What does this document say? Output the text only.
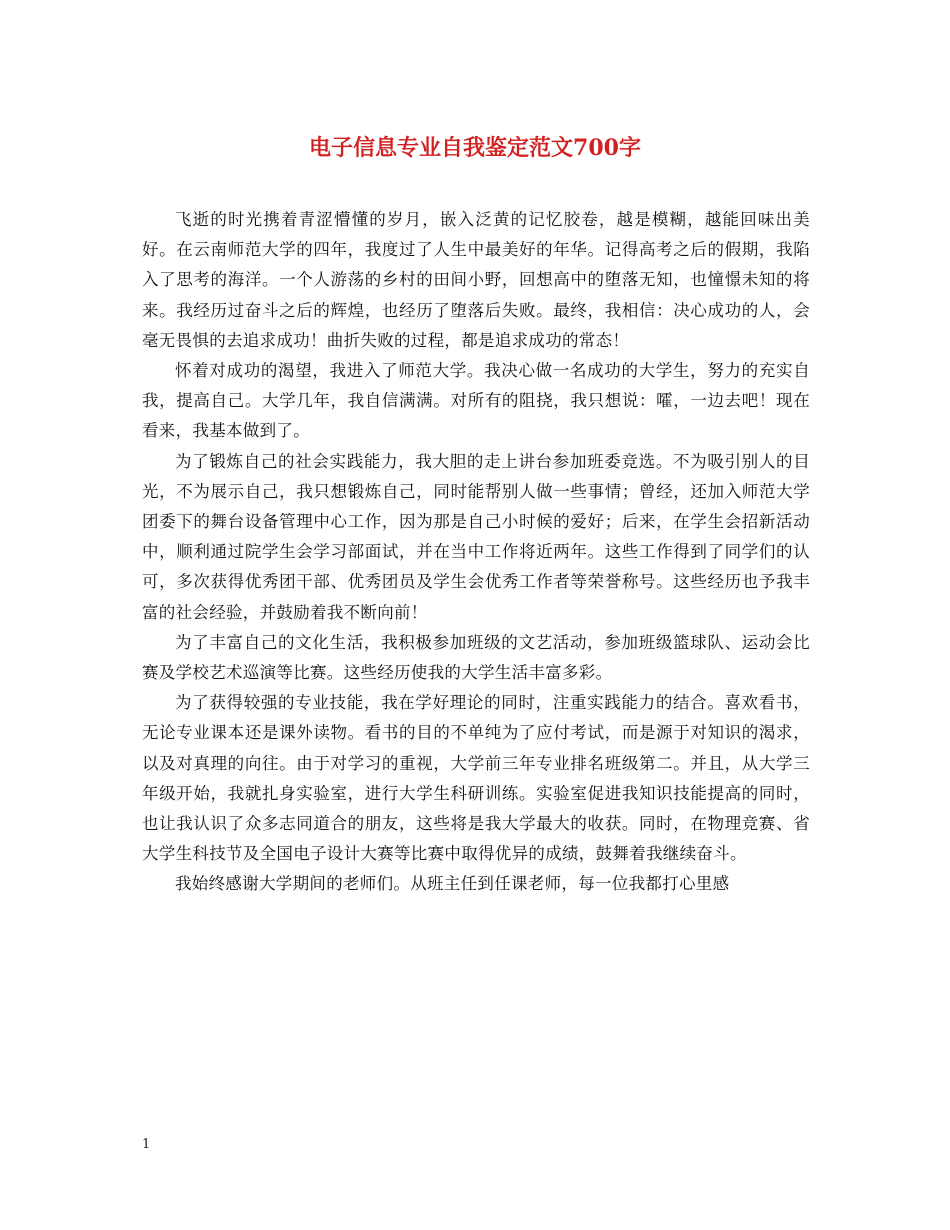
电子信息专业自我鉴定范文700字

飞逝的时光携着青涩懵懂的岁月，嵌入泛黄的记忆胶卷，越是模糊，越能回味出美好。在云南师范大学的四年，我度过了人生中最美好的年华。记得高考之后的假期，我陷入了思考的海洋。一个人游荡的乡村的田间小野，回想高中的堕落无知，也憧憬未知的将来。我经历过奋斗之后的辉煌，也经历了堕落后失败。最终，我相信：决心成功的人，会毫无畏惧的去追求成功！曲折失败的过程，都是追求成功的常态！

怀着对成功的渴望，我进入了师范大学。我决心做一名成功的大学生，努力的充实自我，提高自己。大学几年，我自信满满。对所有的阻挠，我只想说：嚯，一边去吧！现在看来，我基本做到了。

为了锻炼自己的社会实践能力，我大胆的走上讲台参加班委竞选。不为吸引别人的目光，不为展示自己，我只想锻炼自己，同时能帮别人做一些事情；曾经，还加入师范大学团委下的舞台设备管理中心工作，因为那是自己小时候的爱好；后来，在学生会招新活动中，顺利通过院学生会学习部面试，并在当中工作将近两年。这些工作得到了同学们的认可，多次获得优秀团干部、优秀团员及学生会优秀工作者等荣誉称号。这些经历也予我丰富的社会经验，并鼓励着我不断向前！

为了丰富自己的文化生活，我积极参加班级的文艺活动，参加班级篮球队、运动会比赛及学校艺术巡演等比赛。这些经历使我的大学生活丰富多彩。

为了获得较强的专业技能，我在学好理论的同时，注重实践能力的结合。喜欢看书，无论专业课本还是课外读物。看书的目的不单纯为了应付考试，而是源于对知识的渴求，以及对真理的向往。由于对学习的重视，大学前三年专业排名班级第二。并且，从大学三年级开始，我就扎身实验室，进行大学生科研训练。实验室促进我知识技能提高的同时，也让我认识了众多志同道合的朋友，这些将是我大学最大的收获。同时，在物理竞赛、省大学生科技节及全国电子设计大赛等比赛中取得优异的成绩，鼓舞着我继续奋斗。

我始终感谢大学期间的老师们。从班主任到任课老师，每一位我都打心里感

1
